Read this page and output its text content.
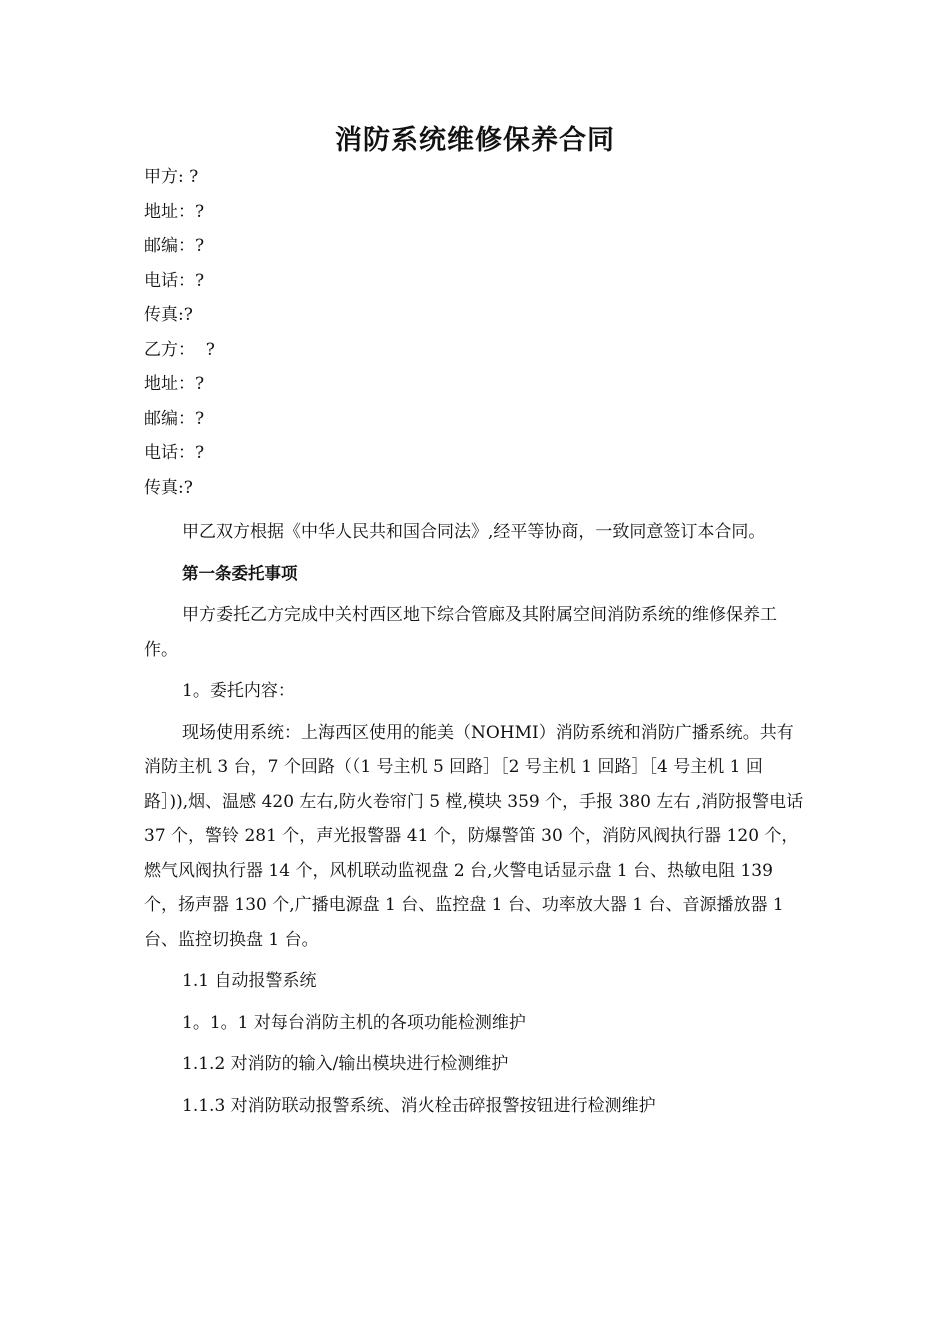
消防系统维修保养合同
甲方: ?
地址：?
邮编：?
电话：?
传真:?
乙方：  ?
地址：?
邮编：?
电话：?
传真:?

甲乙双方根据《中华人民共和国合同法》,经平等协商，一致同意签订本合同。

第一条委托事项

甲方委托乙方完成中关村西区地下综合管廊及其附属空间消防系统的维修保养工作。

1。委托内容：

现场使用系统：上海西区使用的能美（NOHMI）消防系统和消防广播系统。共有消防主机 3 台，7 个回路（（1 号主机 5 回路］［2 号主机 1 回路］［4 号主机 1 回路］)),烟、温感 420 左右,防火卷帘门 5 樘,模块 359 个，手报 380 左右 ,消防报警电话 37 个，警铃 281 个，声光报警器 41 个，防爆警笛 30 个，消防风阀执行器 120 个，燃气风阀执行器 14 个，风机联动监视盘 2 台,火警电话显示盘 1 台、热敏电阻 139 个，扬声器 130 个,广播电源盘 1 台、监控盘 1 台、功率放大器 1 台、音源播放器 1 台、监控切换盘 1 台。

1.1 自动报警系统

1。1。1 对每台消防主机的各项功能检测维护

1.1.2 对消防的输入/输出模块进行检测维护

1.1.3 对消防联动报警系统、消火栓击碎报警按钮进行检测维护
